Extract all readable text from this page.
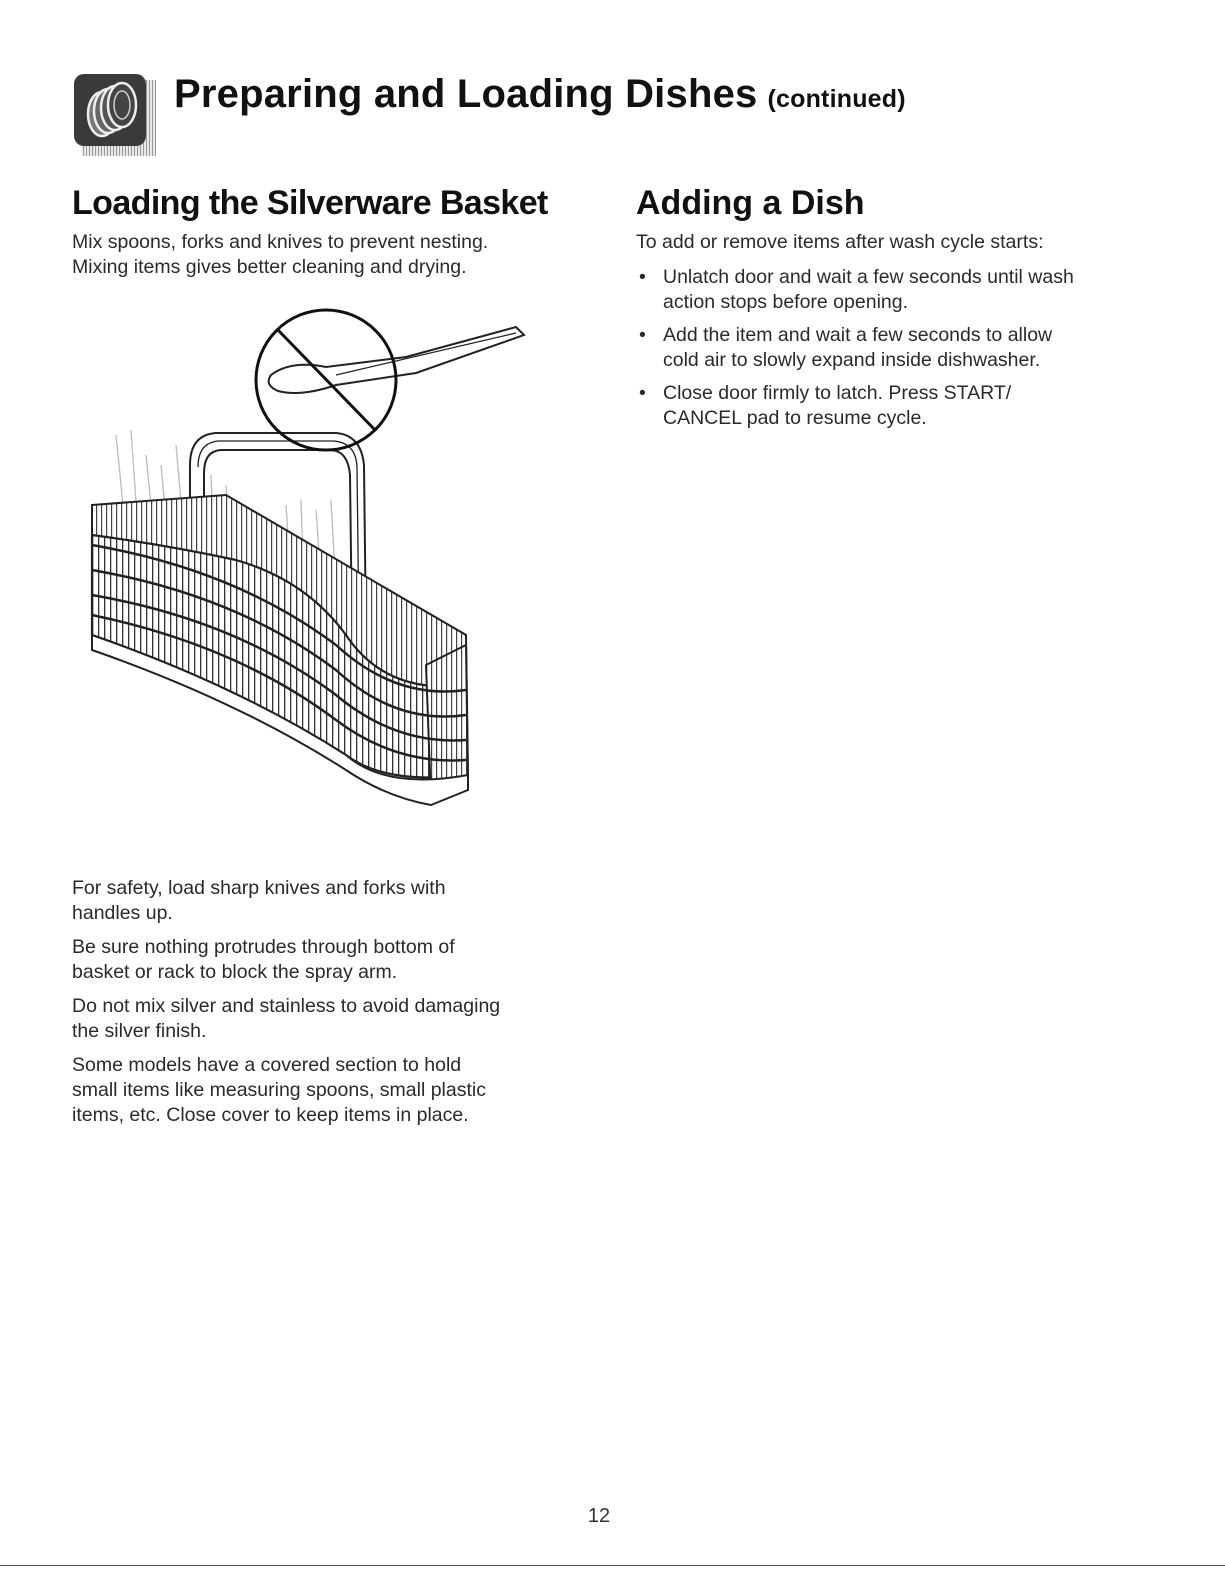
Preparing and Loading Dishes (continued)
Loading the Silverware Basket

Mix spoons, forks and knives to prevent nesting.

Mixing items gives better cleaning and drying.

For safety, load sharp knives and forks with
handles up.

Be sure nothing protrudes through bottom of
basket or rack to block the spray arm.

Do not mix silver and stainless to avoid damaging
the silver finish.

Some models have a covered section to hold
small items like measuring spoons, small plastic
items, etc. Close cover to keep items in place.

Adding a Dish

To add or remove items after wash cycle starts:

• Unlatch door and wait a few seconds until wash
action stops before opening.
• Add the item and wait a few seconds to allow
cold air to slowly expand inside dishwasher.
• Close door firmly to latch. Press START/
CANCEL pad to resume cycle.
12
